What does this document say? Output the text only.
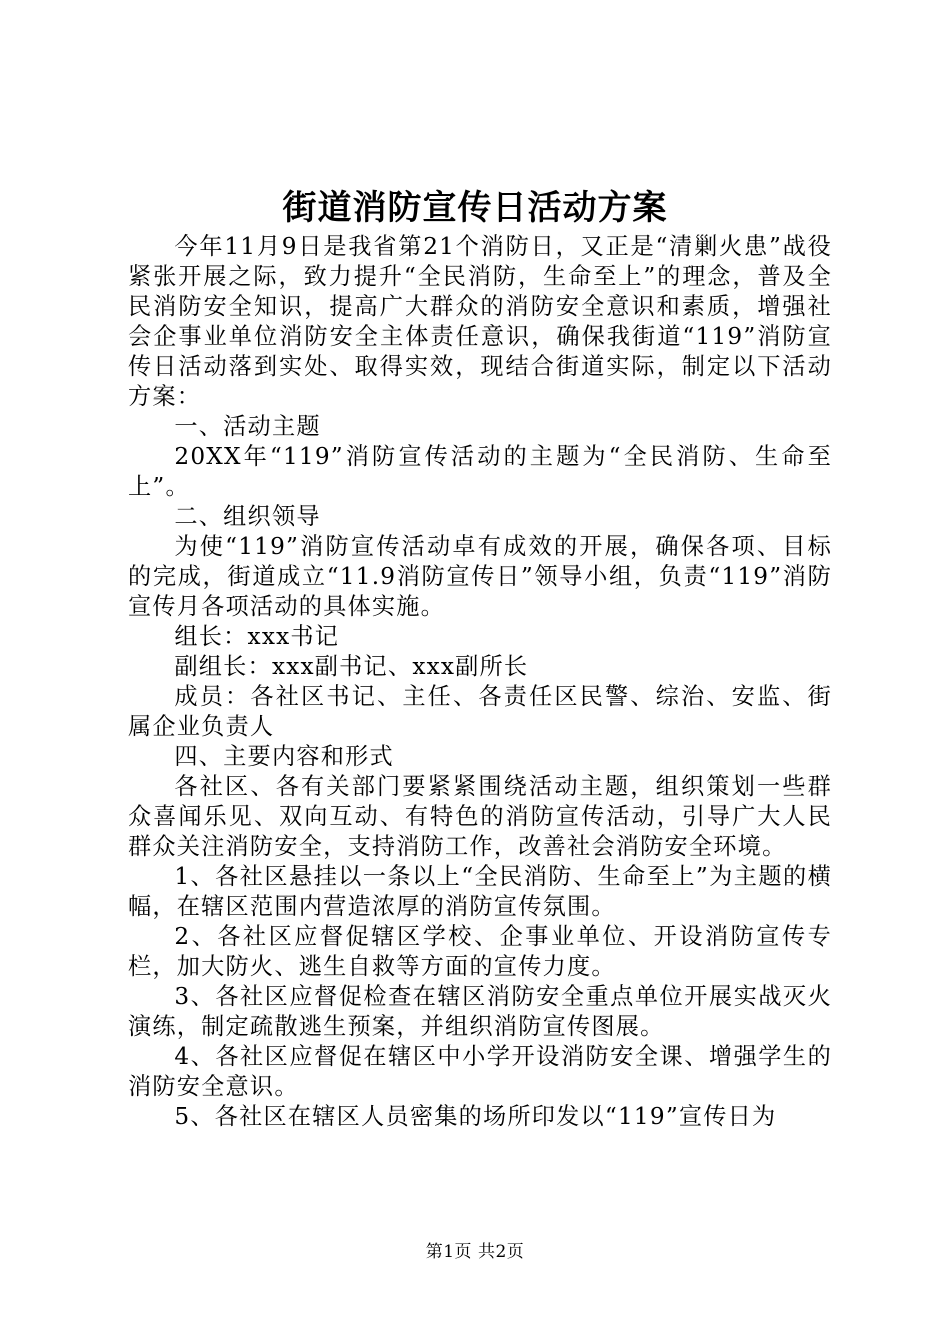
街道消防宣传日活动方案

今年11月9日是我省第21个消防日，又正是“清剿火患”战役紧张开展之际，致力提升“全民消防，生命至上”的理念，普及全民消防安全知识，提高广大群众的消防安全意识和素质，增强社会企事业单位消防安全主体责任意识，确保我街道“119”消防宣传日活动落到实处、取得实效，现结合街道实际，制定以下活动方案：

一、活动主题

20XX年“119”消防宣传活动的主题为“全民消防、生命至上”。

二、组织领导

为使“119”消防宣传活动卓有成效的开展，确保各项、目标的完成，街道成立“11.9消防宣传日”领导小组，负责“119”消防宣传月各项活动的具体实施。

组长：xxx书记

副组长：xxx副书记、xxx副所长

成员：各社区书记、主任、各责任区民警、综治、安监、街属企业负责人

四、主要内容和形式

各社区、各有关部门要紧紧围绕活动主题，组织策划一些群众喜闻乐见、双向互动、有特色的消防宣传活动，引导广大人民群众关注消防安全，支持消防工作，改善社会消防安全环境。

1、各社区悬挂以一条以上“全民消防、生命至上”为主题的横幅，在辖区范围内营造浓厚的消防宣传氛围。

2、各社区应督促辖区学校、企事业单位、开设消防宣传专栏，加大防火、逃生自救等方面的宣传力度。

3、各社区应督促检查在辖区消防安全重点单位开展实战灭火演练，制定疏散逃生预案，并组织消防宣传图展。

4、各社区应督促在辖区中小学开设消防安全课、增强学生的消防安全意识。

5、各社区在辖区人员密集的场所印发以“119”宣传日为

第1页 共2页
